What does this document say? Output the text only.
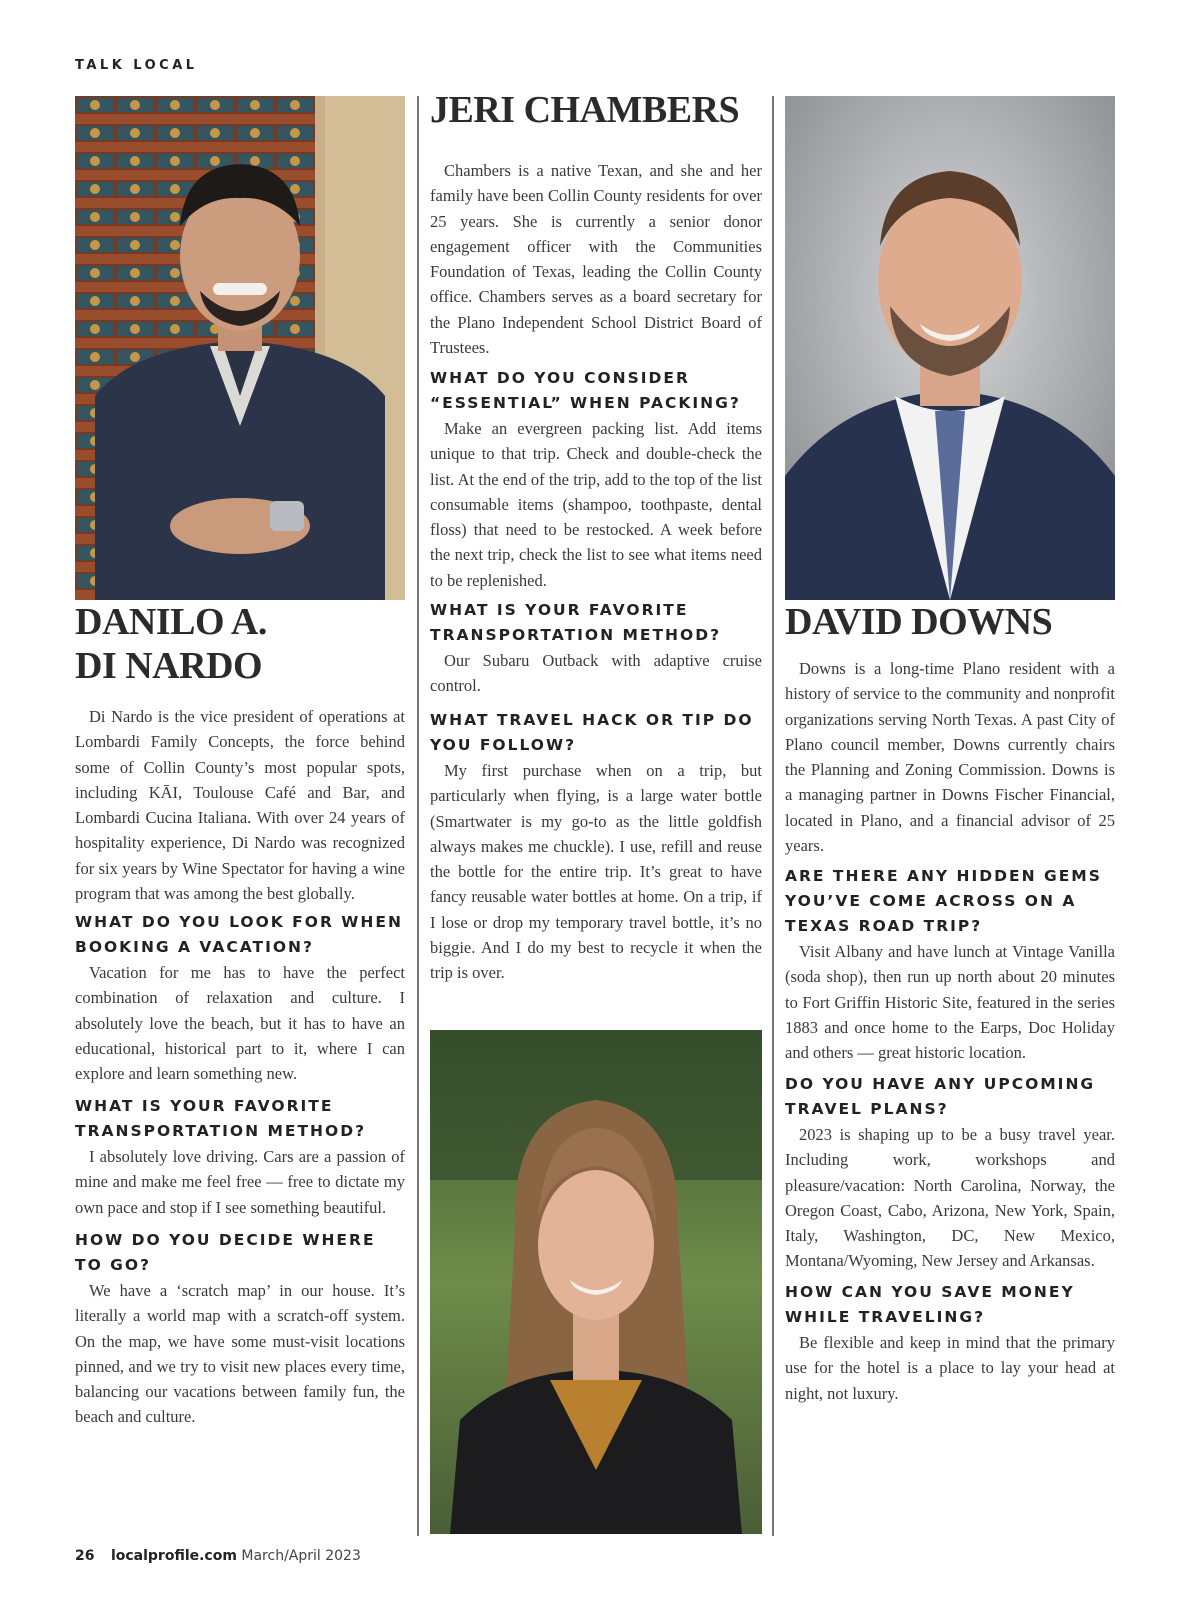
TALK LOCAL
DANILO A.
DI NARDO

Di Nardo is the vice president of operations at Lombardi Family Concepts, the force behind some of Collin County’s most popular spots, including KĀI, Toulouse Café and Bar, and Lombardi Cucina Italiana. With over 24 years of hospitality experience, Di Nardo was recognized for six years by Wine Spectator for having a wine program that was among the best globally.

WHAT DO YOU LOOK FOR WHEN BOOKING A VACATION?

Vacation for me has to have the perfect combination of relaxation and culture. I absolutely love the beach, but it has to have an educational, historical part to it, where I can explore and learn something new.

WHAT IS YOUR FAVORITE TRANSPORTATION METHOD?

I absolutely love driving. Cars are a passion of mine and make me feel free — free to dictate my own pace and stop if I see something beautiful.

HOW DO YOU DECIDE WHERE TO GO?

We have a ‘scratch map’ in our house. It’s literally a world map with a scratch-off system. On the map, we have some must-visit locations pinned, and we try to visit new places every time, balancing our vacations between family fun, the beach and culture.

JERI CHAMBERS

Chambers is a native Texan, and she and her family have been Collin County residents for over 25 years. She is currently a senior donor engagement officer with the Communities Foundation of Texas, leading the Collin County office. Chambers serves as a board secretary for the Plano Independent School District Board of Trustees.

WHAT DO YOU CONSIDER “ESSENTIAL” WHEN PACKING?

Make an evergreen packing list. Add items unique to that trip. Check and double-check the list. At the end of the trip, add to the top of the list consumable items (shampoo, toothpaste, dental floss) that need to be restocked. A week before the next trip, check the list to see what items need to be replenished.

WHAT IS YOUR FAVORITE TRANSPORTATION METHOD?

Our Subaru Outback with adaptive cruise control.

WHAT TRAVEL HACK OR TIP DO YOU FOLLOW?

My first purchase when on a trip, but particularly when flying, is a large water bottle (Smartwater is my go-to as the little goldfish always makes me chuckle). I use, refill and reuse the bottle for the entire trip. It’s great to have fancy reusable water bottles at home. On a trip, if I lose or drop my temporary travel bottle, it’s no biggie. And I do my best to recycle it when the trip is over.

DAVID DOWNS

Downs is a long-time Plano resident with a history of service to the community and nonprofit organizations serving North Texas. A past City of Plano council member, Downs currently chairs the Planning and Zoning Commission. Downs is a managing partner in Downs Fischer Financial, located in Plano, and a financial advisor of 25 years.

ARE THERE ANY HIDDEN GEMS YOU’VE COME ACROSS ON A TEXAS ROAD TRIP?

Visit Albany and have lunch at Vintage Vanilla (soda shop), then run up north about 20 minutes to Fort Griffin Historic Site, featured in the series 1883 and once home to the Earps, Doc Holiday and others — great historic location.

DO YOU HAVE ANY UPCOMING TRAVEL PLANS?

2023 is shaping up to be a busy travel year. Including work, workshops and pleasure/vacation: North Carolina, Norway, the Oregon Coast, Cabo, Arizona, New York, Spain, Italy, Washington, DC, New Mexico, Montana/Wyoming, New Jersey and Arkansas.

HOW CAN YOU SAVE MONEY WHILE TRAVELING?

Be flexible and keep in mind that the primary use for the hotel is a place to lay your head at night, not luxury.

26 localprofile.com March/April 2023
